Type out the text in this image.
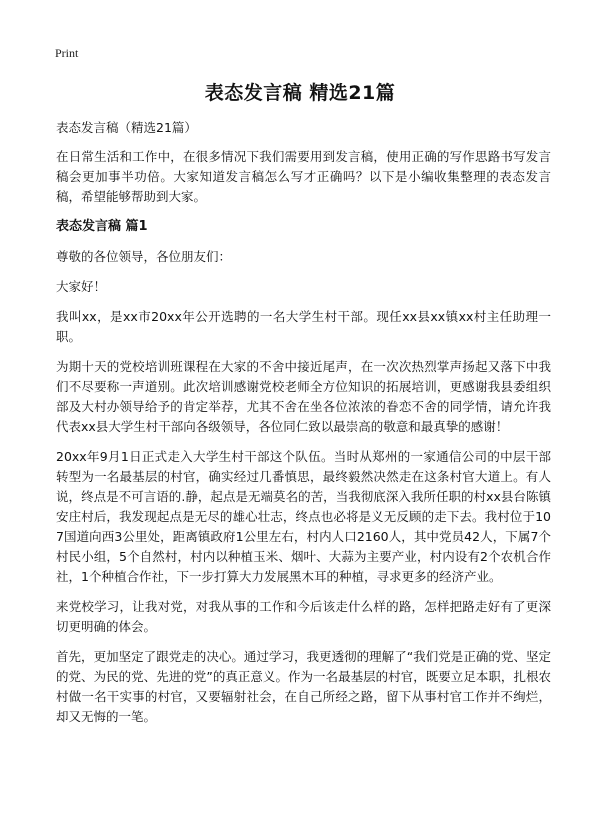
Print
表态发言稿 精选21篇

表态发言稿（精选21篇）

在日常生活和工作中，在很多情况下我们需要用到发言稿，使用正确的写作思路书写发言稿会更加事半功倍。大家知道发言稿怎么写才正确吗？以下是小编收集整理的表态发言稿，希望能够帮助到大家。

表态发言稿 篇1

尊敬的各位领导，各位朋友们：

大家好！

我叫xx，是xx市20xx年公开选聘的一名大学生村干部。现任xx县xx镇xx村主任助理一职。

为期十天的党校培训班课程在大家的不舍中接近尾声，在一次次热烈掌声扬起又落下中我们不尽要称一声道别。此次培训感谢党校老师全方位知识的拓展培训，更感谢我县委组织部及大村办领导给予的肯定举荐，尤其不舍在坐各位浓浓的眷恋不舍的同学情，请允许我代表xx县大学生村干部向各级领导，各位同仁致以最崇高的敬意和最真挚的感谢！

20xx年9月1日正式走入大学生村干部这个队伍。当时从郑州的一家通信公司的中层干部转型为一名最基层的村官，确实经过几番慎思，最终毅然决然走在这条村官大道上。有人说，终点是不可言语的.静，起点是无端莫名的苦，当我彻底深入我所任职的村xx县台陈镇安庄村后，我发现起点是无尽的雄心壮志，终点也必将是义无反顾的走下去。我村位于107国道向西3公里处，距离镇政府1公里左右，村内人口2160人，其中党员42人，下属7个村民小组，5个自然村，村内以种植玉米、烟叶、大蒜为主要产业，村内设有2个农机合作社，1个种植合作社，下一步打算大力发展黑木耳的种植，寻求更多的经济产业。

来党校学习，让我对党，对我从事的工作和今后该走什么样的路，怎样把路走好有了更深切更明确的体会。

首先，更加坚定了跟党走的决心。通过学习，我更透彻的理解了“我们党是正确的党、坚定的党、为民的党、先进的党”的真正意义。作为一名最基层的村官，既要立足本职，扎根农村做一名干实事的村官，又要辐射社会，在自己所经之路，留下从事村官工作并不绚烂，却又无悔的一笔。
